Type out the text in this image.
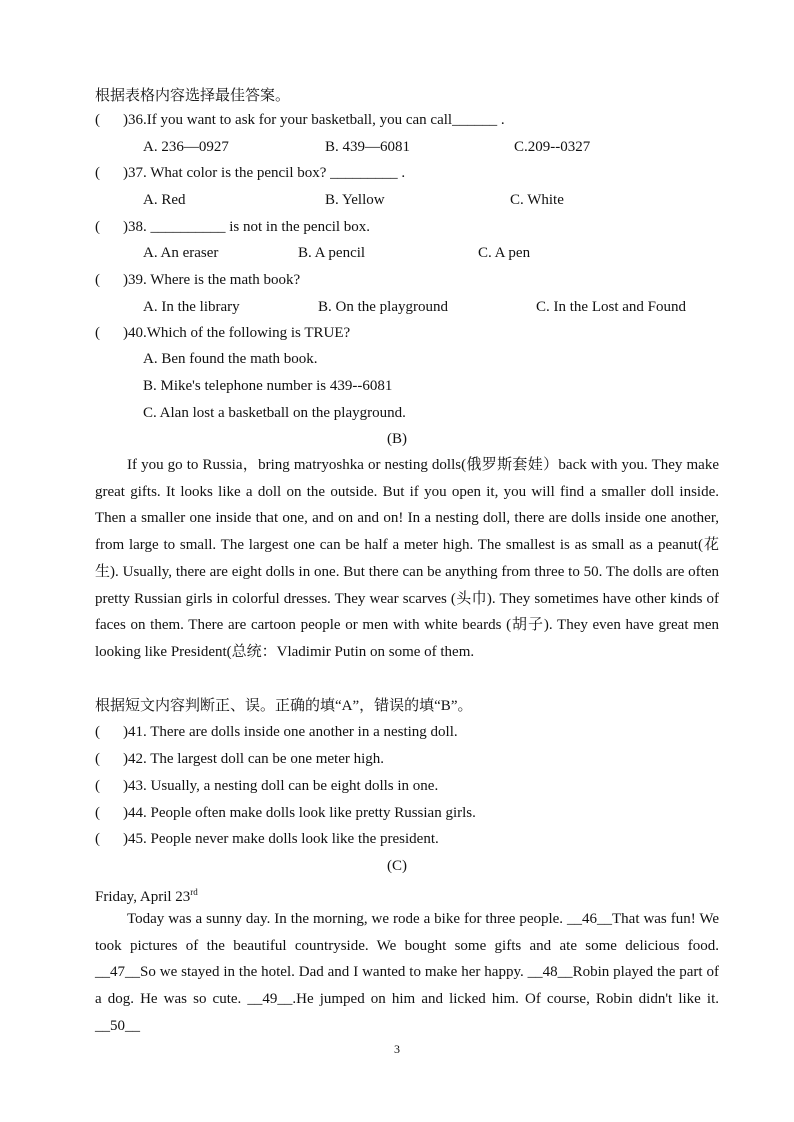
根据表格内容选择最佳答案。
( )36.If you want to ask for your basketball, you can call______ .
A. 236—0927	B. 439—6081	C.209--0327
( )37. What color is the pencil box? _________ .
A. Red	B. Yellow	C. White
( )38. __________ is not in the pencil box.
A. An eraser	B. A pencil	C. A pen
( )39. Where is the math book?
A. In the library	B. On the playground	C. In the Lost and Found
( )40.Which of the following is TRUE?
A. Ben found the math book.
B. Mike's telephone number is 439--6081
C. Alan lost a basketball on the playground.
(B)
If you go to Russia，bring matryoshka or nesting dolls(俄罗斯套娃）back with you. They make great gifts. It looks like a doll on the outside. But if you open it, you will find a smaller doll inside. Then a smaller one inside that one, and on and on! In a nesting doll, there are dolls inside one another, from large to small. The largest one can be half a meter high. The smallest is as small as a peanut(花生). Usually, there are eight dolls in one. But there can be anything from three to 50. The dolls are often pretty Russian girls in colorful dresses. They wear scarves (头巾). They sometimes have other kinds of faces on them. There are cartoon people or men with white beards (胡子). They even have great men looking like President(总统：Vladimir Putin on some of them.
根据短文内容判断正、误。正确的填“A”，错误的填“B”。
( )41. There are dolls inside one another in a nesting doll.
( )42. The largest doll can be one meter high.
( )43. Usually, a nesting doll can be eight dolls in one.
( )44. People often make dolls look like pretty Russian girls.
( )45. People never make dolls look like the president.
(C)
Friday, April 23rd
Today was a sunny day. In the morning, we rode a bike for three people. __46__That was fun! We took pictures of the beautiful countryside. We bought some gifts and ate some delicious food. __47__So we stayed in the hotel. Dad and I wanted to make her happy. __48__Robin played the part of a dog. He was so cute. __49__.He jumped on him and licked him. Of course, Robin didn't like it. __50__
3
